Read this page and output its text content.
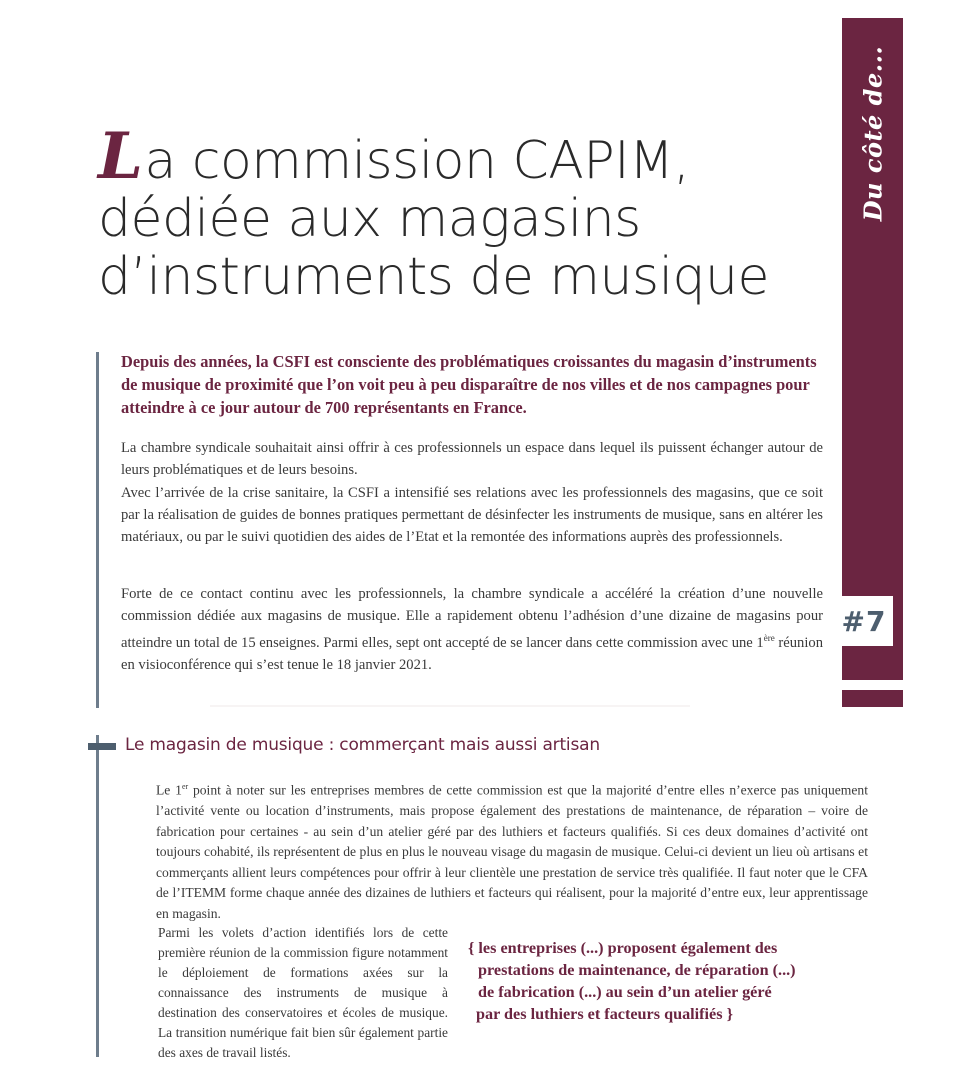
Du côté de...
#7
La commission CAPIM,
dédiée aux magasins
d’instruments de musique
Depuis des années, la CSFI est consciente des problématiques croissantes du magasin d’instruments de musique de proximité que l’on voit peu à peu disparaître de nos villes et de nos campagnes pour atteindre à ce jour autour de 700 représentants en France.
La chambre syndicale souhaitait ainsi offrir à ces professionnels un espace dans lequel ils puissent échanger autour de leurs problématiques et de leurs besoins.
Avec l’arrivée de la crise sanitaire, la CSFI a intensifié ses relations avec les professionnels des magasins, que ce soit par la réalisation de guides de bonnes pratiques permettant de désinfecter les instruments de musique, sans en altérer les matériaux, ou par le suivi quotidien des aides de l’Etat et la remontée des informations auprès des professionnels.
Forte de ce contact continu avec les professionnels, la chambre syndicale a accéléré la création d’une nouvelle commission dédiée aux magasins de musique. Elle a rapidement obtenu l’adhésion d’une dizaine de magasins pour atteindre un total de 15 enseignes. Parmi elles, sept ont accepté de se lancer dans cette commission avec une 1ère réunion en visioconférence qui s’est tenue le 18 janvier 2021.
Le magasin de musique : commerçant mais aussi artisan
Le 1er point à noter sur les entreprises membres de cette commission est que la majorité d’entre elles n’exerce pas uniquement l’activité vente ou location d’instruments, mais propose également des prestations de maintenance, de réparation – voire de fabrication pour certaines - au sein d’un atelier géré par des luthiers et facteurs qualifiés. Si ces deux domaines d’activité ont toujours cohabité, ils représentent de plus en plus le nouveau visage du magasin de musique. Celui-ci devient un lieu où artisans et commerçants allient leurs compétences pour offrir à leur clientèle une prestation de service très qualifiée. Il faut noter que le CFA de l’ITEMM forme chaque année des dizaines de luthiers et facteurs qui réalisent, pour la majorité d’entre eux, leur apprentissage en magasin.
Parmi les volets d’action identifiés lors de cette première réunion de la commission figure notamment le déploiement de formations axées sur la connaissance des instruments de musique à destination des conservatoires et écoles de musique. La transition numérique fait bien sûr également partie des axes de travail listés.
{ les entreprises (...) proposent également des
prestations de maintenance, de réparation (...)
de fabrication (...) au sein d’un atelier géré
par des luthiers et facteurs qualifiés }
